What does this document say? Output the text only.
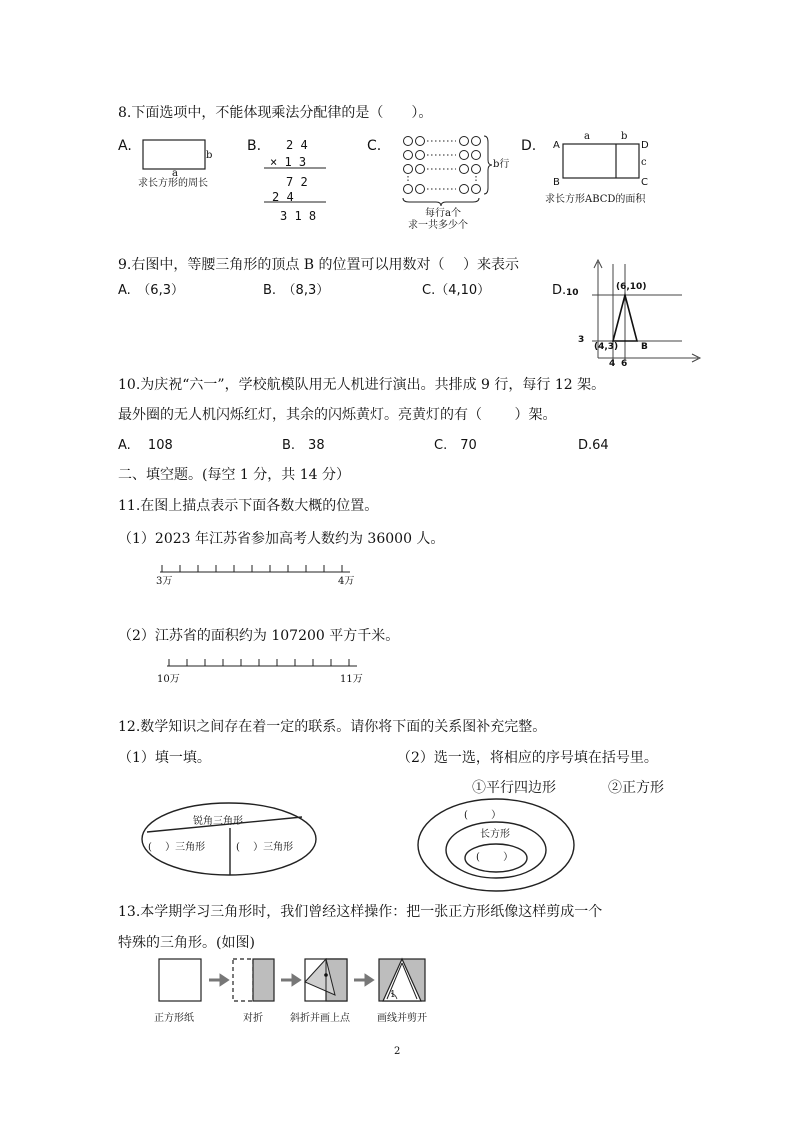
8.下面选项中，不能体现乘法分配律的是（　　）。
A.
b
a
求长方形的周长
B. 2 4
× 1 3
7 2
2 4
3 1 8
C.
b行
每行a个
求一共多少个
D.
a	b
c
A	D
B	C
求长方形ABCD的面积
9.右图中，等腰三角形的顶点 B 的位置可以用数对（　 ）来表示
A.　（6,3）	B.　（8,3）	C.（4,10）	D. 10
3
(6,10)
(4,3)	B
4 6
10.为庆祝“六一”，学校航模队用无人机进行演出。共排成 9 行，每行 12 架。
最外圈的无人机闪烁红灯，其余的闪烁黄灯。亮黄灯的有（　　 ）架。
A.　 108	B.　38	C.　70	D.64
二、填空题。(每空 1 分，共 14 分）
11.在图上描点表示下面各数大概的位置。
（1）2023 年江苏省参加高考人数约为 36000 人。
3万	4万
（2）江苏省的面积约为 107200 平方千米。
10万	11万
12.数学知识之间存在着一定的联系。请你将下面的关系图补充完整。
（1）填一填。	（2）选一选，将相应的序号填在括号里。
①平行四边形	②正方形
锐角三角形
(　 ）三角形	(　 ）三角形
(　　 ）
长方形
(　　 ）
13.本学期学习三角形时，我们曾经这样操作：把一张正方形纸像这样剪成一个
特殊的三角形。(如图)
1
正方形纸	对折	斜折并画上点	画线并剪开
2
